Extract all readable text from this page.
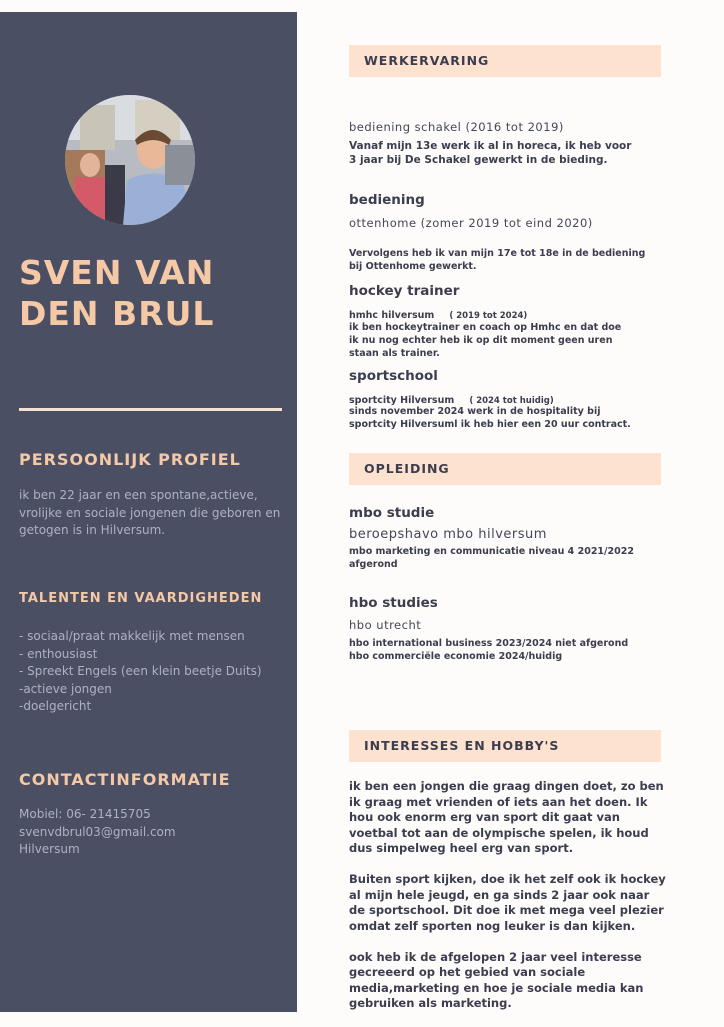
SVEN VAN DEN BRUL
PERSOONLIJK PROFIEL
ik ben 22 jaar en een spontane,actieve, vrolijke en sociale jongenen die geboren en getogen is in Hilversum.
TALENTEN EN VAARDIGHEDEN
- sociaal/praat makkelijk met mensen
- enthousiast
- Spreekt Engels (een klein beetje Duits)
-actieve jongen
-doelgericht
CONTACTINFORMATIE
Mobiel: 06- 21415705
svenvdbrul03@gmail.com
Hilversum
WERKERVARING
bediening schakel (2016 tot 2019)
Vanaf mijn 13e werk ik al in horeca, ik heb voor 3 jaar bij De Schakel gewerkt in de bieding.
bediening
ottenhome (zomer 2019 tot eind 2020)
Vervolgens heb ik van mijn 17e tot 18e in de bediening bij Ottenhome gewerkt.
hockey trainer
hmhc hilversum ( 2019 tot 2024)
ik ben hockeytrainer en coach op Hmhc en dat doe ik nu nog echter heb ik op dit moment geen uren staan als trainer.
sportschool
sportcity Hilversum ( 2024 tot huidig)
sinds november 2024 werk in de hospitality bij sportcity Hilversuml ik heb hier een 20 uur contract.
OPLEIDING
mbo studie
beroepshavo mbo hilversum
mbo marketing en communicatie niveau 4 2021/2022 afgerond
hbo studies
hbo utrecht
hbo international business 2023/2024 niet afgerond
hbo commerciële economie 2024/huidig
INTERESSES EN HOBBY'S

ik ben een jongen die graag dingen doet, zo ben ik graag met vrienden of iets aan het doen. Ik hou ook enorm erg van sport dit gaat van voetbal tot aan de olympische spelen, ik houd dus simpelweg heel erg van sport.

Buiten sport kijken, doe ik het zelf ook ik hockey al mijn hele jeugd, en ga sinds 2 jaar ook naar de sportschool. Dit doe ik met mega veel plezier omdat zelf sporten nog leuker is dan kijken.

ook heb ik de afgelopen 2 jaar veel interesse gecreeerd op het gebied van sociale media,marketing en hoe je sociale media kan gebruiken als marketing.
